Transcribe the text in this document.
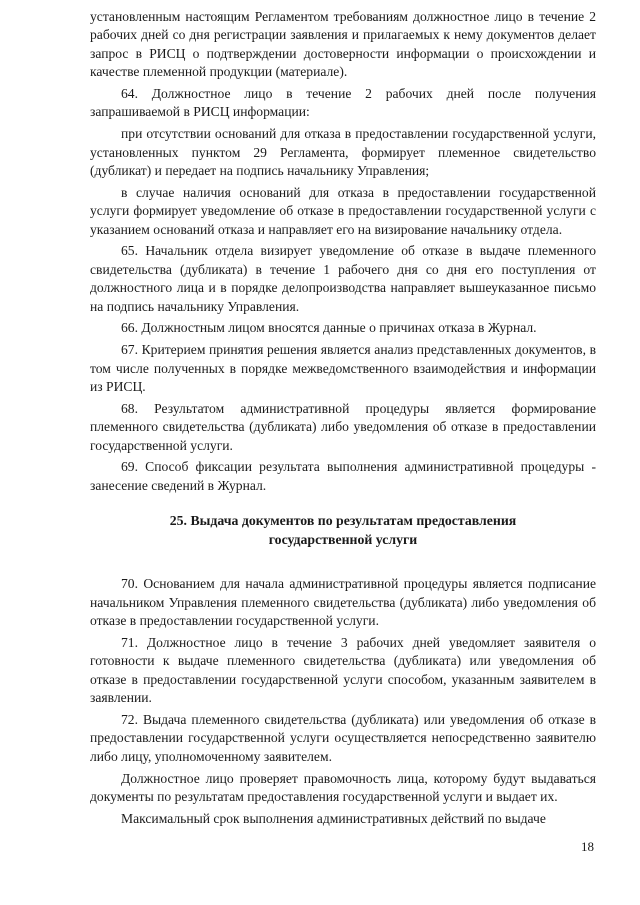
установленным настоящим Регламентом требованиям должностное лицо в течение 2 рабочих дней со дня регистрации заявления и прилагаемых к нему документов делает запрос в РИСЦ о подтверждении достоверности информации о происхождении и качестве племенной продукции (материале).

64. Должностное лицо в течение 2 рабочих дней после получения запрашиваемой в РИСЦ информации:

при отсутствии оснований для отказа в предоставлении государственной услуги, установленных пунктом 29 Регламента, формирует племенное свидетельство (дубликат) и передает на подпись начальнику Управления;

в случае наличия оснований для отказа в предоставлении государственной услуги формирует уведомление об отказе в предоставлении государственной услуги с указанием оснований отказа и направляет его на визирование начальнику отдела.

65. Начальник отдела визирует уведомление об отказе в выдаче племенного свидетельства (дубликата) в течение 1 рабочего дня со дня его поступления от должностного лица и в порядке делопроизводства направляет вышеуказанное письмо на подпись начальнику Управления.

66. Должностным лицом вносятся данные о причинах отказа в Журнал.

67. Критерием принятия решения является анализ представленных документов, в том числе полученных в порядке межведомственного взаимодействия и информации из РИСЦ.

68. Результатом административной процедуры является формирование племенного свидетельства (дубликата) либо уведомления об отказе в предоставлении государственной услуги.

69. Способ фиксации результата выполнения административной процедуры - занесение сведений в Журнал.

25. Выдача документов по результатам предоставления
государственной услуги

70. Основанием для начала административной процедуры является подписание начальником Управления племенного свидетельства (дубликата) либо уведомления об отказе в предоставлении государственной услуги.

71. Должностное лицо в течение 3 рабочих дней уведомляет заявителя о готовности к выдаче племенного свидетельства (дубликата) или уведомления об отказе в предоставлении государственной услуги способом, указанным заявителем в заявлении.

72. Выдача племенного свидетельства (дубликата) или уведомления об отказе в предоставлении государственной услуги осуществляется непосредственно заявителю либо лицу, уполномоченному заявителем.

Должностное лицо проверяет правомочность лица, которому будут выдаваться документы по результатам предоставления государственной услуги и выдает их.

Максимальный срок выполнения административных действий по выдаче

18
